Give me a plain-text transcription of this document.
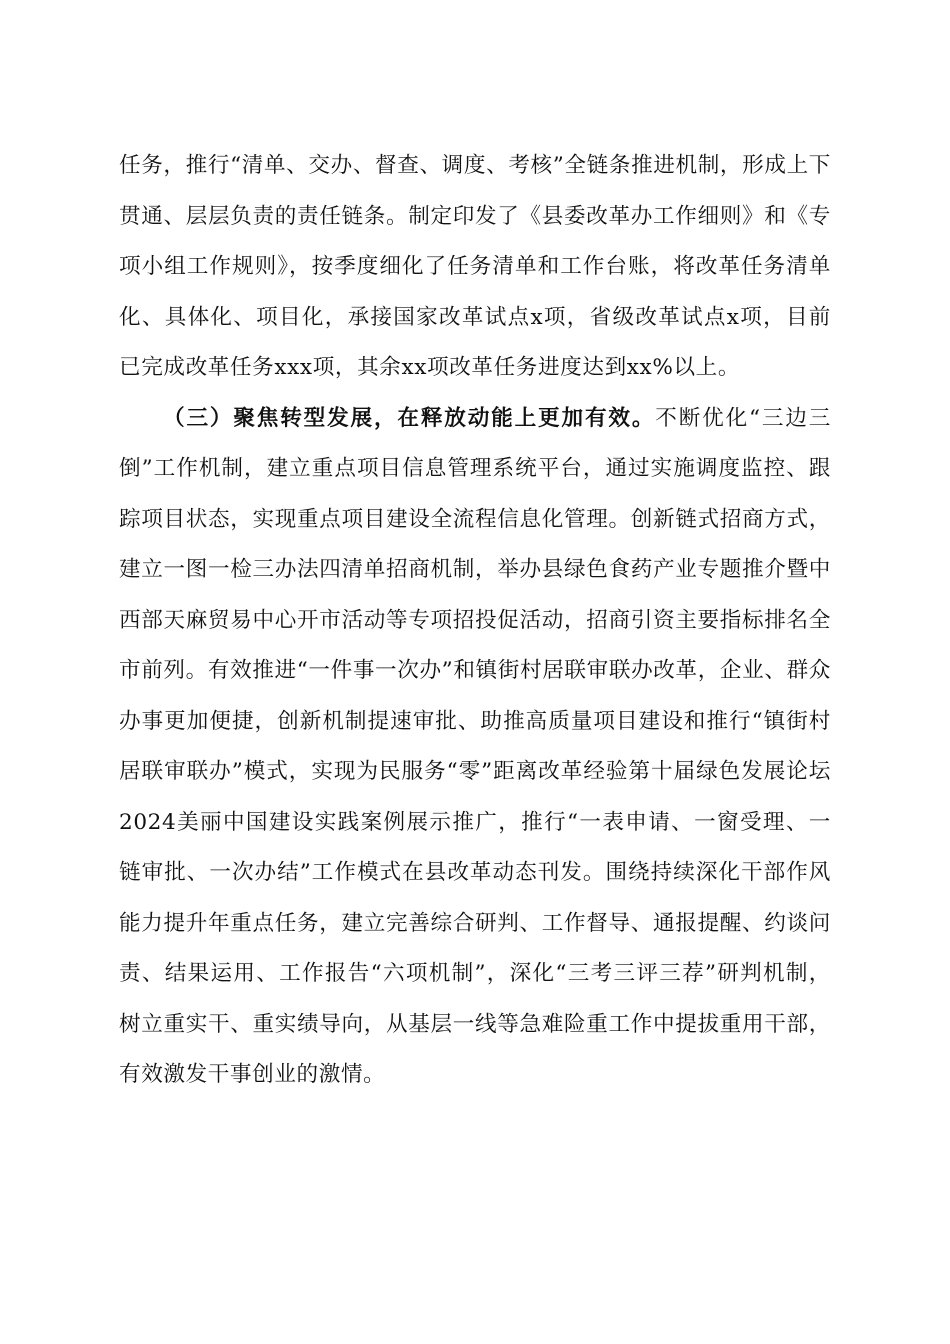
任务，推行“清单、交办、督查、调度、考核”全链条推进机制，形成上下贯通、层层负责的责任链条。制定印发了《县委改革办工作细则》和《专项小组工作规则》，按季度细化了任务清单和工作台账，将改革任务清单化、具体化、项目化，承接国家改革试点x项，省级改革试点x项，目前已完成改革任务xxx项，其余xx项改革任务进度达到xx%以上。

（三）聚焦转型发展，在释放动能上更加有效。不断优化“三边三倒”工作机制，建立重点项目信息管理系统平台，通过实施调度监控、跟踪项目状态，实现重点项目建设全流程信息化管理。创新链式招商方式，建立一图一检三办法四清单招商机制，举办县绿色食药产业专题推介暨中西部天麻贸易中心开市活动等专项招投促活动，招商引资主要指标排名全市前列。有效推进“一件事一次办”和镇街村居联审联办改革，企业、群众办事更加便捷，创新机制提速审批、助推高质量项目建设和推行“镇街村居联审联办”模式，实现为民服务“零”距离改革经验第十届绿色发展论坛2024美丽中国建设实践案例展示推广，推行“一表申请、一窗受理、一链审批、一次办结”工作模式在县改革动态刊发。围绕持续深化干部作风能力提升年重点任务，建立完善综合研判、工作督导、通报提醒、约谈问责、结果运用、工作报告“六项机制”，深化“三考三评三荐”研判机制，树立重实干、重实绩导向，从基层一线等急难险重工作中提拔重用干部，有效激发干事创业的激情。
